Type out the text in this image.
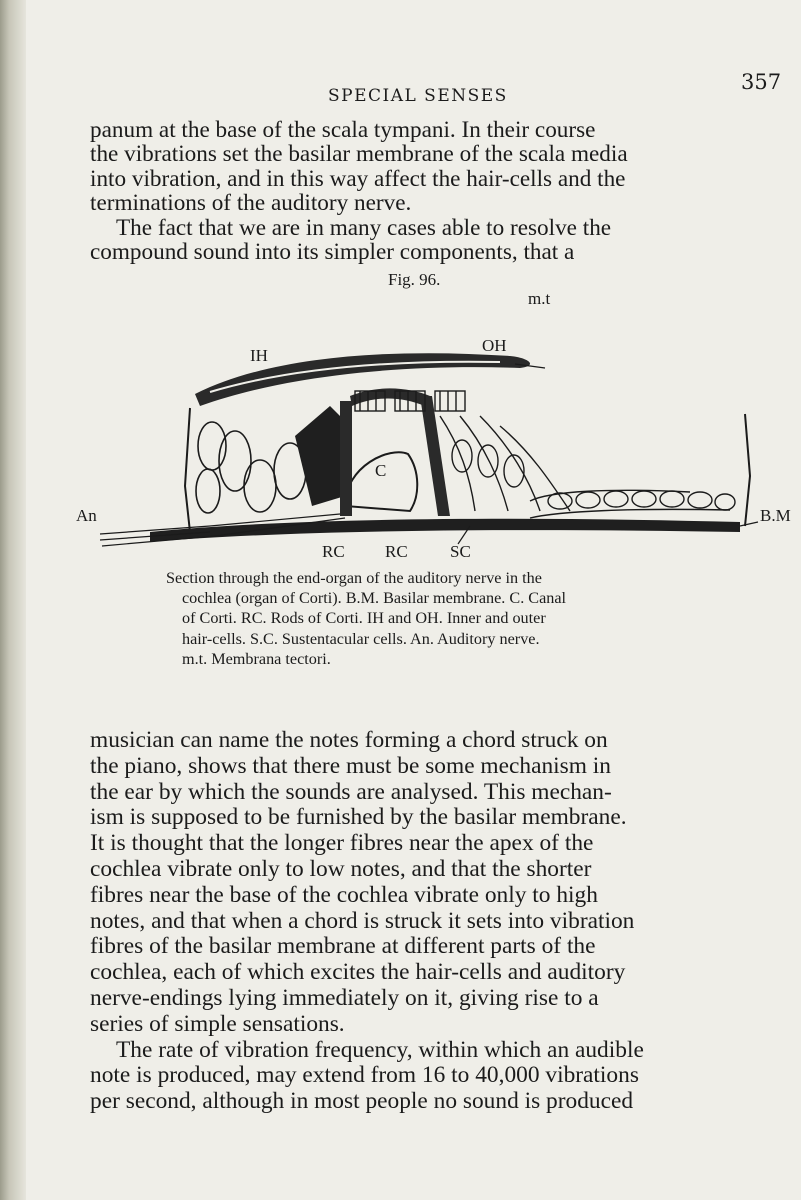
SPECIAL SENSES
357

panum at the base of the scala tympani. In their course
the vibrations set the basilar membrane of the scala media
into vibration, and in this way affect the hair-cells and the
terminations of the auditory nerve.
The fact that we are in many cases able to resolve the
compound sound into its simpler components, that a

Fig. 96.
m.t
IH
OH
C
An	B.M
RC RC SC
Section through the end-organ of the auditory nerve in the
cochlea (organ of Corti). B.M. Basilar membrane. C. Canal
of Corti. RC. Rods of Corti. IH and OH. Inner and outer
hair-cells. S.C. Sustentacular cells. An. Auditory nerve.
m.t. Membrana tectori.

musician can name the notes forming a chord struck on
the piano, shows that there must be some mechanism in
the ear by which the sounds are analysed. This mechan-
ism is supposed to be furnished by the basilar membrane.
It is thought that the longer fibres near the apex of the
cochlea vibrate only to low notes, and that the shorter
fibres near the base of the cochlea vibrate only to high
notes, and that when a chord is struck it sets into vibration
fibres of the basilar membrane at different parts of the
cochlea, each of which excites the hair-cells and auditory
nerve-endings lying immediately on it, giving rise to a
series of simple sensations.
The rate of vibration frequency, within which an audible
note is produced, may extend from 16 to 40,000 vibrations
per second, although in most people no sound is produced
